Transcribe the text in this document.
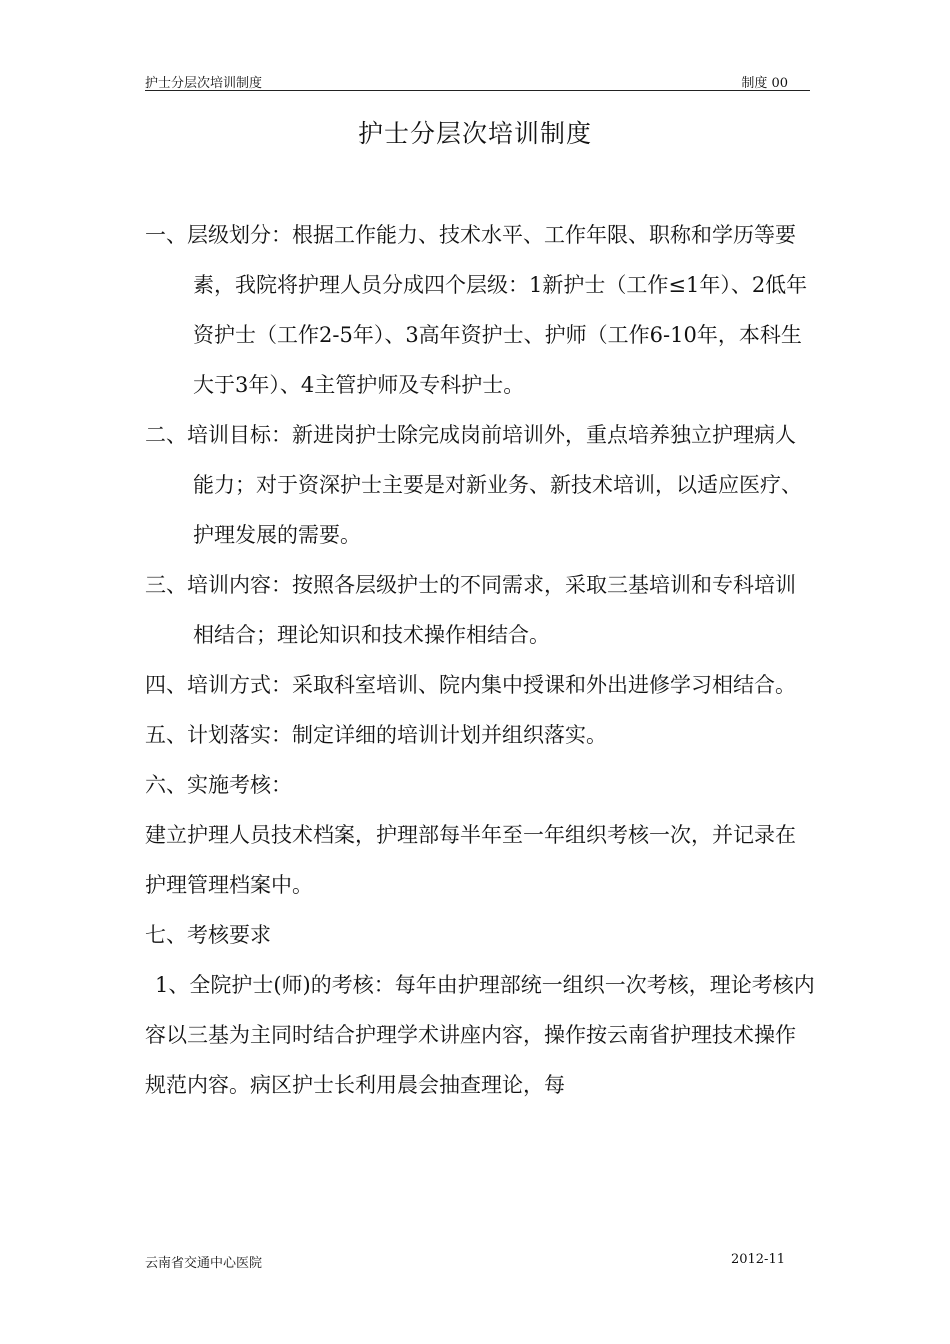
护士分层次培训制度	制度 00
护士分层次培训制度
一、层级划分：根据工作能力、技术水平、工作年限、职称和学历等要素，我院将护理人员分成四个层级：1新护士（工作≤1年）、2低年资护士（工作2-5年）、3高年资护士、护师（工作6-10年，本科生大于3年）、4主管护师及专科护士。
二、培训目标：新进岗护士除完成岗前培训外，重点培养独立护理病人能力；对于资深护士主要是对新业务、新技术培训，以适应医疗、护理发展的需要。
三、培训内容：按照各层级护士的不同需求，采取三基培训和专科培训相结合；理论知识和技术操作相结合。
四、培训方式：采取科室培训、院内集中授课和外出进修学习相结合。
五、计划落实：制定详细的培训计划并组织落实。
六、实施考核：
建立护理人员技术档案，护理部每半年至一年组织考核一次，并记录在护理管理档案中。
七、考核要求
1、全院护士(师)的考核：每年由护理部统一组织一次考核，理论考核内容以三基为主同时结合护理学术讲座内容，操作按云南省护理技术操作规范内容。病区护士长利用晨会抽查理论，每
云南省交通中心医院	2012-11
